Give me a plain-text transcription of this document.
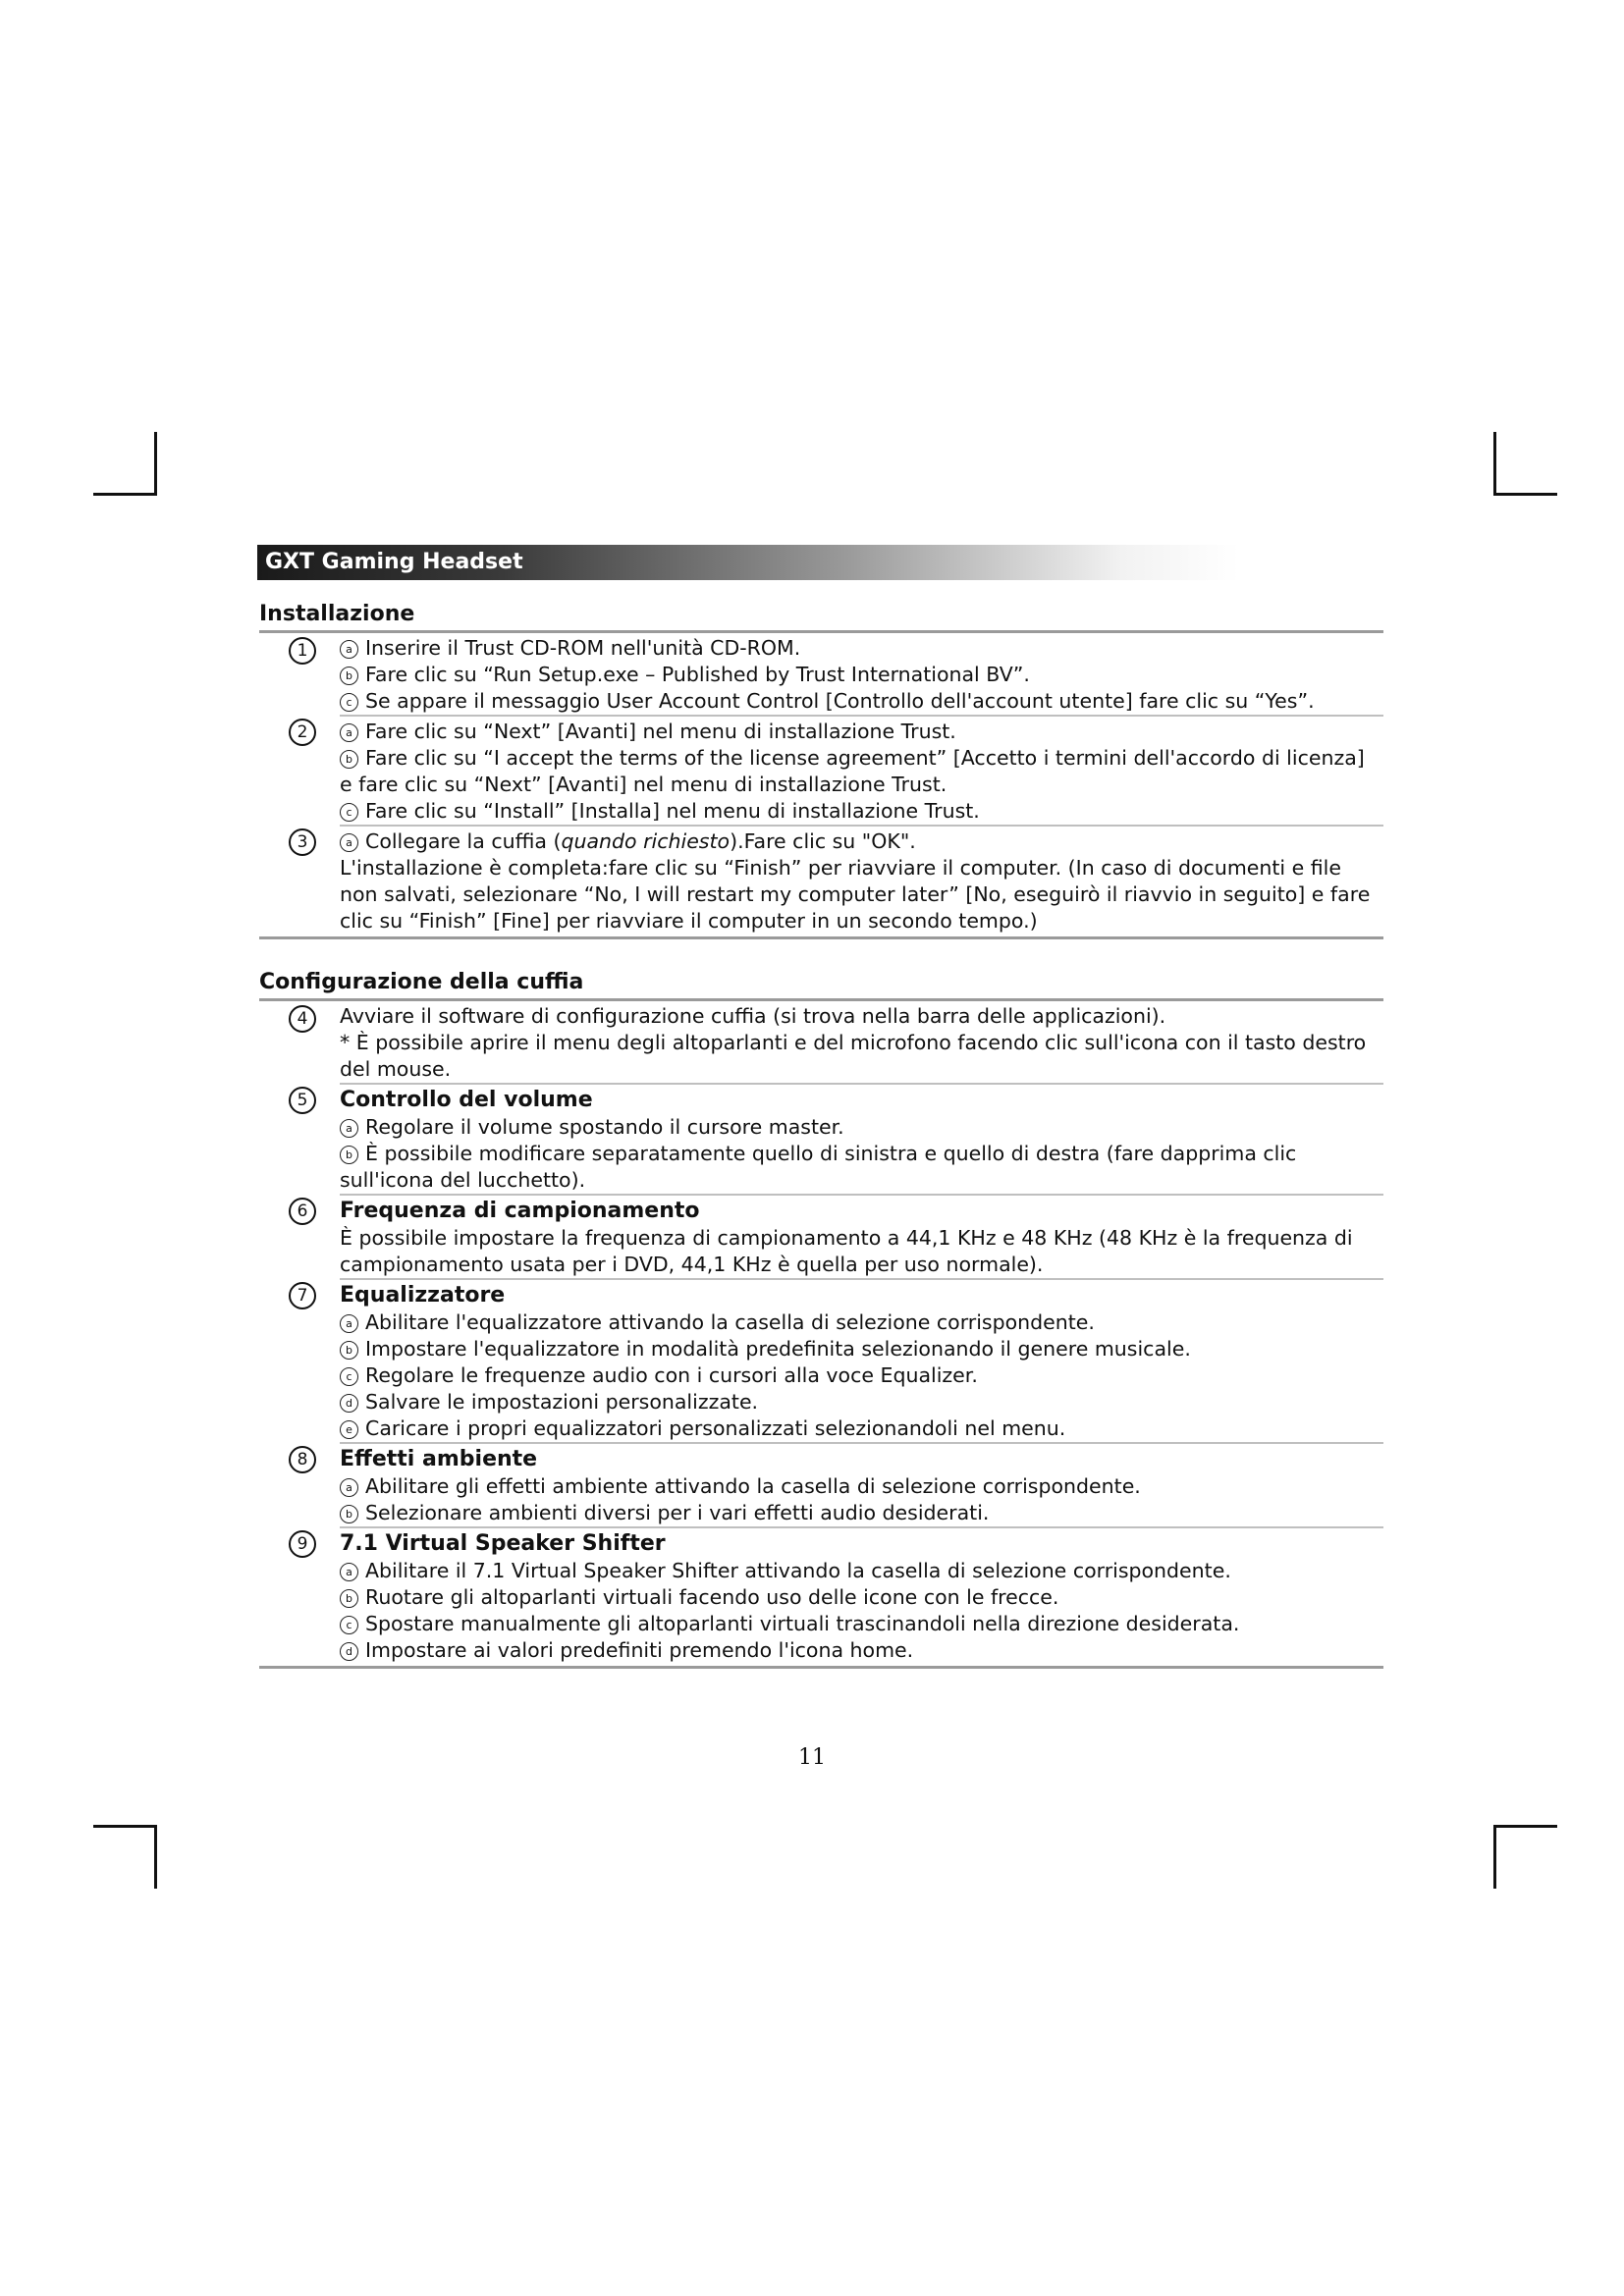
GXT Gaming Headset
Installazione
1	a Inserire il Trust CD-ROM nell'unità CD-ROM.
b Fare clic su “Run Setup.exe – Published by Trust International BV”.
c Se appare il messaggio User Account Control [Controllo dell'account utente] fare clic su “Yes”.
2	a Fare clic su “Next” [Avanti] nel menu di installazione Trust.
b Fare clic su “I accept the terms of the license agreement” [Accetto i termini dell'accordo di licenza]
e fare clic su “Next” [Avanti] nel menu di installazione Trust.
c Fare clic su “Install” [Installa] nel menu di installazione Trust.
3	a Collegare la cuffia (quando richiesto).Fare clic su "OK".
L'installazione è completa:fare clic su “Finish” per riavviare il computer. (In caso di documenti e file
non salvati, selezionare “No, I will restart my computer later” [No, eseguirò il riavvio in seguito] e fare
clic su “Finish” [Fine] per riavviare il computer in un secondo tempo.)
Configurazione della cuffia
4	Avviare il software di configurazione cuffia (si trova nella barra delle applicazioni).
* È possibile aprire il menu degli altoparlanti e del microfono facendo clic sull'icona con il tasto destro
del mouse.
5	Controllo del volume
a Regolare il volume spostando il cursore master.
b È possibile modificare separatamente quello di sinistra e quello di destra (fare dapprima clic
sull'icona del lucchetto).
6	Frequenza di campionamento
È possibile impostare la frequenza di campionamento a 44,1 KHz e 48 KHz (48 KHz è la frequenza di
campionamento usata per i DVD, 44,1 KHz è quella per uso normale).
7	Equalizzatore
a Abilitare l'equalizzatore attivando la casella di selezione corrispondente.
b Impostare l'equalizzatore in modalità predefinita selezionando il genere musicale.
c Regolare le frequenze audio con i cursori alla voce Equalizer.
d Salvare le impostazioni personalizzate.
e Caricare i propri equalizzatori personalizzati selezionandoli nel menu.
8	Effetti ambiente
a Abilitare gli effetti ambiente attivando la casella di selezione corrispondente.
b Selezionare ambienti diversi per i vari effetti audio desiderati.
9	7.1 Virtual Speaker Shifter
a Abilitare il 7.1 Virtual Speaker Shifter attivando la casella di selezione corrispondente.
b Ruotare gli altoparlanti virtuali facendo uso delle icone con le frecce.
c Spostare manualmente gli altoparlanti virtuali trascinandoli nella direzione desiderata.
d Impostare ai valori predefiniti premendo l'icona home.
11
